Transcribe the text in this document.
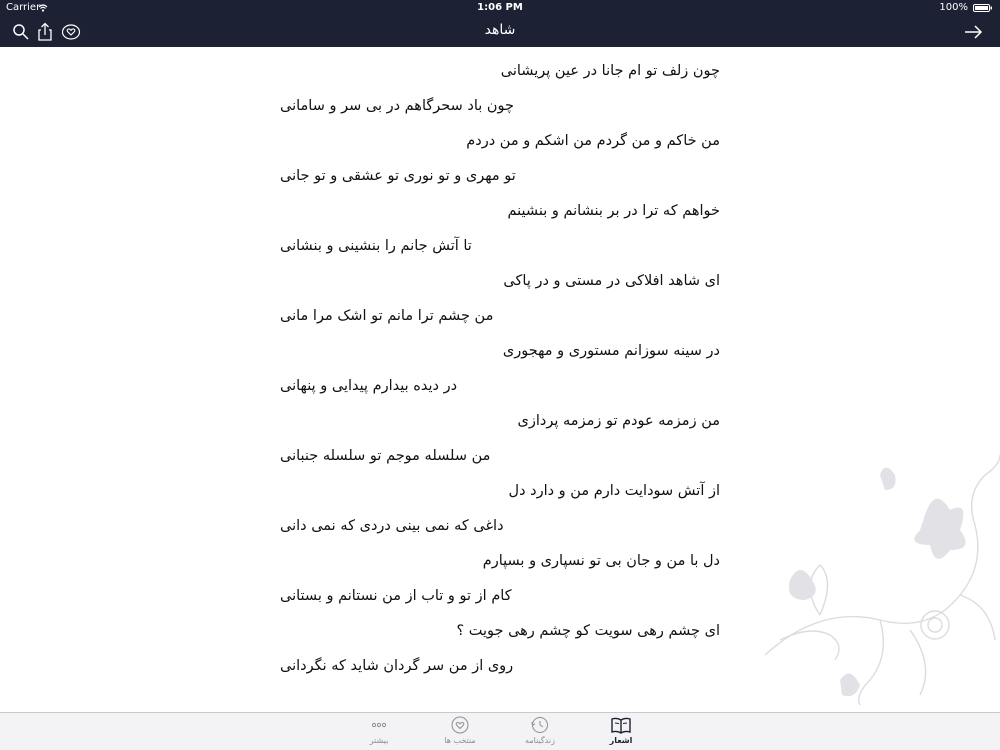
Carrier	1:06 PM	100%
شاهد
چون زلف تو ام جانا در عین پریشانی
چون باد سحرگاهم در بی سر و سامانی
من خاکم و من گردم من اشکم و من دردم
تو مهری و تو نوری تو عشقی و تو جانی
خواهم که ترا در بر بنشانم و بنشینم
تا آتش جانم را بنشینی و بنشانی
ای شاهد افلاکی در مستی و در پاکی
من چشم ترا مانم تو اشک مرا مانی
در سینه سوزانم مستوری و مهجوری
در دیده بیدارم پیدایی و پنهانی
من زمزمه عودم تو زمزمه پردازی
من سلسله موجم تو سلسله جنبانی
از آتش سودایت دارم من و دارد دل
داغی که نمی بینی دردی که نمی دانی
دل با من و جان بی تو نسپاری و بسپارم
کام از تو و تاب از من نستانم و بستانی
ای چشم رهی سویت کو چشم رهی جویت ؟
روی از من سر گردان شاید که نگردانی
بیشتر	منتخب ها	زندگینامه	اشعار
